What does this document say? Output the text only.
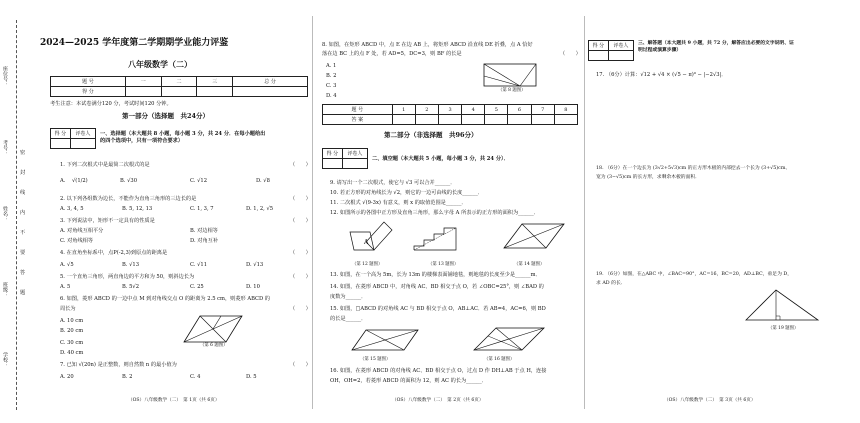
座位号：
考号：
姓名：
班级：
学校：
密
封
线
内
不
要
答
题
2024—2025 学年度第二学期期学业能力评鉴
八年级数学（二）
题 号	一	二	三	总 分
得 分				
考生注意：本试卷满分120 分，考试时间120 分钟。
第一部分（选择题　共24分）
得 分	评卷人
	一、选择题（本大题共 8 小题，每小题 3 分，共 24 分．在每小题给出
的四个选项中，只有一项符合要求）
1. 下列二次根式中是最简二次根式的是	（　　）
A. √(1/2)	B. √30	C. √12	D. √8
2. 以下列各组数为边长，不能作为直角三角形的三边长的是	（　　）
A. 3, 4, 5	B. 5, 12, 13	C. 1, 3, 7	D. 1, 2, √5
3. 下列说法中，矩形不一定具有的性质是	（　　）
A. 对角线互相平分	B. 对边相等
C. 对角线相等	D. 对角互补
4. 在直角坐标系中，点P(-2,3)到原点的距离是	（　　）
A. √5	B. √13	C. √11	D. √13
5. 一个直角三角形，两直角边的平方和为 50，则斜边长为	（　　）
A. 5	B. 5√2	C. 25	D. 10
6. 如图，菱形 ABCD 的一边中点 M 到对角线交点 O 的距离为 2.5 cm，则菱形 ABCD 的
周长为	（　　）
A. 10 cm
B. 20 cm
C. 30 cm
D. 40 cm
（第 6 题图）
7. 已知 √(20n) 是正整数，则自然数 n 的最小值为	（　　）
A. 20	B. 2	C. 4	D. 5
（OS）八年级数学（二）　第 1页（共 6页）
8. 如图，在矩形 ABCD 中，点 E 在边 AB 上，将矩形 ABCD 沿直线 DE 折叠，点 A 恰好
落在边 BC 上的点 F 处，若 AD=5，DC=3，则 BF 的长是	（　　）
A. 1
B. 2
C. 3
D. 4
（第 8 题图）
题 号	1	2	3	4	5	6	7	8
答 案								
第二部分（非选择题　共96分）
得 分	评卷人

二、填空题（本大题共 5 小题，每小题 3 分，共 24 分）．
9. 请写出一个二次根式，使它与 √3 可以合并______．
10. 若正方形的对角线长为 √2，则它的一边可由线的长度______．
11. 二次根式 √(9-3x) 有意义，则 x 的取值范围是______．
12. 如图所示的各图中正方形及直角三角形，那么字母 A 所表示的正方形的面积为______．
A
（第 12 题图）	（第 13 题图）	（第 14 题图）
13. 如图，在一个高为 5m，长为 13m 的楼梯表面铺地毯，则地毯的长度至少是______m．
14. 如图，在菱形 ABCD 中，对角线 AC、BD 相交于点 O，若 ∠OBC=25°，则 ∠BAD 的
度数为______．
15. 如图，□ABCD 的对角线 AC 与 BD 相交于点 O，AB⊥AC．若 AB=4，AC=6，则 BD
的长是______．
（第 15 题图）	（第 16 题图）
16. 如图，在菱形 ABCD 的对角线 AC、BD 相交于点 O，过点 D 作 DH⊥AB 于点 H，连接
OH，OH=2，若菱形 ABCD 的面积为 12，则 AC 的长为______．
（OS）八年级数学（二）　第 2页（共 6页）
得 分	评卷人
	三、解答题（本大题共 9 小题，共 72 分，解答应出必要的文字说明、证
明过程或演算步骤）
17. （6分）计算：√12 + √4 × (√5 − π)⁰ − |−2√3|．
18. （6分）在一个边长为 (3√2+5√3)cm 的正方形木板的内部挖去一个长为 (3+√5)cm、
宽为 (3−√5)cm 的长方形，求剩余木板的面积．
19. （6分）如图，在△ABC 中，∠BAC=90°，AC=16，BC=20，AD⊥BC，垂足为 D，
求 AD 的长．
（第 19 题图）
（OS）八年级数学（二）　第 3页（共 6页）
